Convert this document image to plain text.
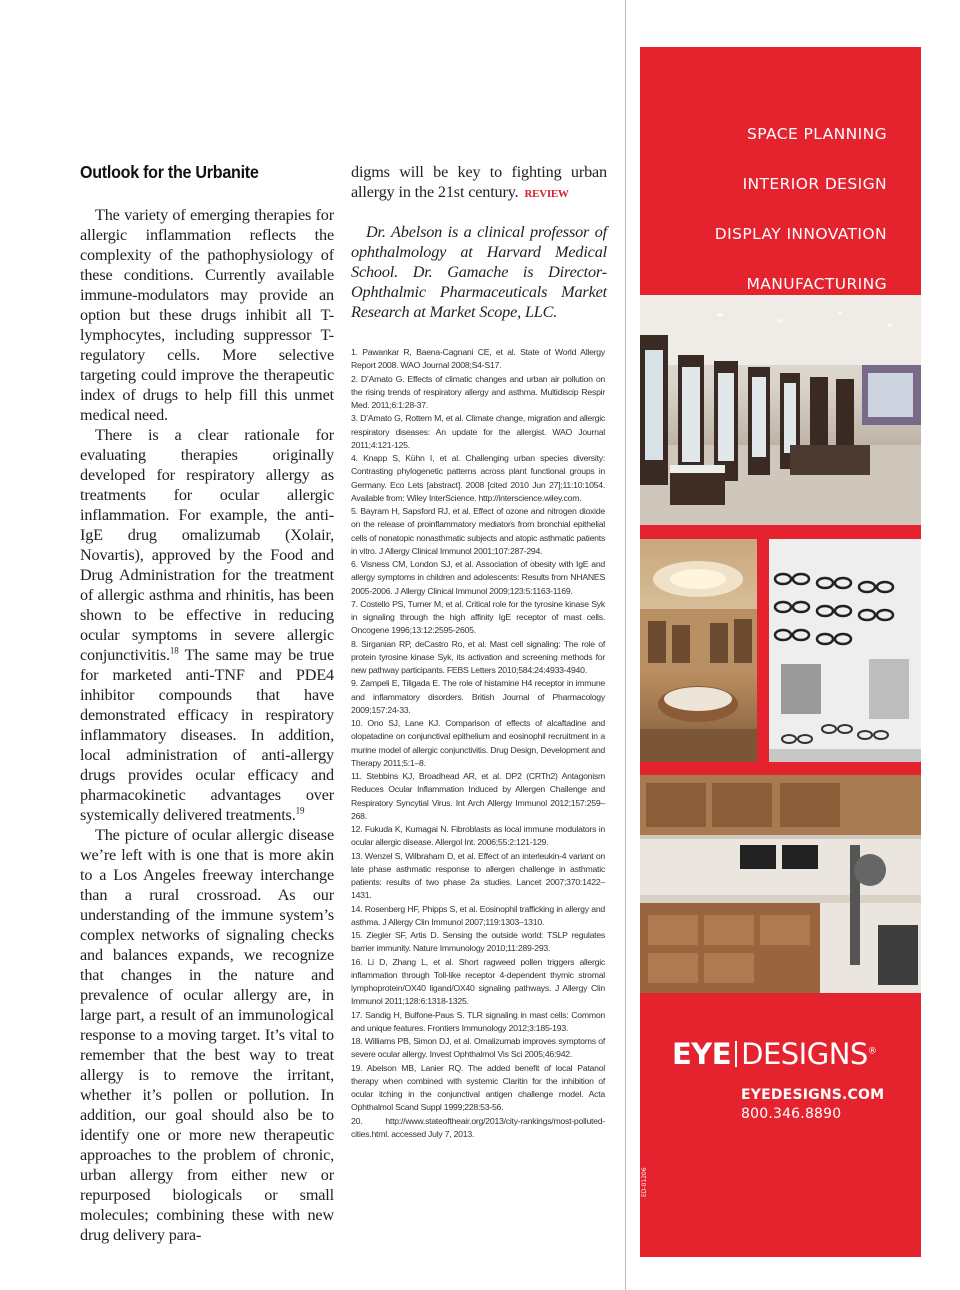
Outlook for the Urbanite

The variety of emerging therapies for allergic inflammation reflects the complexity of the pathophysiology of these conditions. Currently available immune-modulators may provide an option but these drugs inhibit all T-lymphocytes, including suppressor T-regulatory cells. More selective targeting could improve the therapeutic index of drugs to help fill this unmet medical need.

There is a clear rationale for evaluating therapies originally developed for respiratory allergy as treatments for ocular allergic inflammation. For example, the anti-IgE drug omalizumab (Xolair, Novartis), approved by the Food and Drug Administration for the treatment of allergic asthma and rhinitis, has been shown to be effective in reducing ocular symptoms in severe allergic conjunctivitis.$^{18}$ The same may be true for marketed anti-TNF and PDE4 inhibitor compounds that have demonstrated efficacy in respiratory inflammatory diseases. In addition, local administration of anti-allergy drugs provides ocular efficacy and pharmacokinetic advantages over systemically delivered treatments.$^{19}$

The picture of ocular allergic disease we’re left with is one that is more akin to a Los Angeles freeway interchange than a rural crossroad. As our understanding of the immune system’s complex networks of signaling checks and balances expands, we recognize that changes in the nature and prevalence of ocular allergy are, in large part, a result of an immunological response to a moving target. It’s vital to remember that the best way to treat allergy is to remove the irritant, whether it’s pollen or pollution. In addition, our goal should also be to identify one or more new therapeutic approaches to the problem of chronic, urban allergy from either new or repurposed biologicals or small molecules; combining these with new drug delivery para-

digms will be key to fighting urban allergy in the 21st century. REVIEW

Dr. Abelson is a clinical professor of ophthalmology at Harvard Medical School. Dr. Gamache is Director-Ophthalmic Pharmaceuticals Market Research at Market Scope, LLC.

1. Pawankar R, Baena-Cagnani CE, et al. State of World Allergy Report 2008. WAO Journal 2008;S4-S17.
2. D’Amato G. Effects of climatic changes and urban air pollution on the rising trends of respiratory allergy and asthma. Multidiscip Respir Med. 2011;6:1:28-37.
3. D’Amato G, Rottem M, et al. Climate change, migration and allergic respiratory diseases: An update for the allergist. WAO Journal 2011;4:121-125.
4. Knapp S, Kühn I, et al. Challenging urban species diversity: Contrasting phylogenetic patterns across plant functional groups in Germany. Eco Lets [abstract]. 2008 [cited 2010 Jun 27];11:10:1054. Available from: Wiley InterScience. http://interscience.wiley.com.
5. Bayram H, Sapsford RJ, et al. Effect of ozone and nitrogen dioxide on the release of proinflammatory mediators from bronchial epithelial cells of nonatopic nonasthmatic subjects and atopic asthmatic patients in vitro. J Allergy Clinical Immunol 2001;107:287-294.
6. Visness CM, London SJ, et al. Association of obesity with IgE and allergy symptoms in children and adolescents: Results from NHANES 2005-2006. J Allergy Clinical Immunol 2009;123:5:1163-1169.
7. Costello PS, Turner M, et al. Critical role for the tyrosine kinase Syk in signaling through the high affinity IgE receptor of mast cells. Oncogene 1996;13:12:2595-2605.
8. Sirganian RP, deCastro Ro, et al. Mast cell signaling: The role of protein tyrosine kinase Syk, its activation and screening methods for new pathway participants. FEBS Letters 2010;584:24:4933-4940.
9. Zampeli E, Tiligada E. The role of histamine H4 receptor in immune and inflammatory disorders. British Journal of Pharmacology 2009;157:24-33.
10. Ono SJ, Lane KJ. Comparison of effects of alcaftadine and olopatadine on conjunctival epithelium and eosinophil recruitment in a murine model of allergic conjunctivitis. Drug Design, Development and Therapy 2011;5:1–8.
11. Stebbins KJ, Broadhead AR, et al. DP2 (CRTh2) Antagonism Reduces Ocular Inflammation Induced by Allergen Challenge and Respiratory Syncytial Virus. Int Arch Allergy Immunol 2012;157:259–268.
12. Fukuda K, Kumagai N. Fibroblasts as local immune modulators in ocular allergic disease. Allergol Int. 2006;55:2:121-129.
13. Wenzel S, Wilbraham D, et al. Effect of an interleukin-4 variant on late phase asthmatic response to allergen challenge in asthmatic patients: results of two phase 2a studies. Lancet 2007;370:1422–1431.
14. Rosenberg HF, Phipps S, et al. Eosinophil trafficking in allergy and asthma. J Allergy Clin Immunol 2007;119:1303–1310.
15. Ziegler SF, Artis D. Sensing the outside world: TSLP regulates barrier immunity. Nature Immunology 2010;11:289-293.
16. Li D, Zhang L, et al. Short ragweed pollen triggers allergic inflammation through Toll-like receptor 4-dependent thymic stromal lymphoprotein/OX40 ligand/OX40 signaling pathways. J Allergy Clin Immunol 2011;128:6:1318-1325.
17. Sandig H, Bulfone-Paus S. TLR signaling in mast cells: Common and unique features. Frontiers Immunology 2012;3:185-193.
18. Williams PB, Simon DJ, et al. Omalizumab improves symptoms of severe ocular allergy. Invest Ophthalmol Vis Sci 2005;46:942.
19. Abelson MB, Lanier RQ. The added benefit of local Patanol therapy when combined with systemic Claritin for the inhibition of ocular itching in the conjunctival antigen challenge model. Acta Ophthalmol Scand Suppl 1999;228:53-56.
20. http://www.stateoftheair.org/2013/city-rankings/most-polluted-cities.html. accessed July 7, 2013.
SPACE PLANNING
INTERIOR DESIGN
DISPLAY INNOVATION
MANUFACTURING
EYE DESIGNS®
EYEDESIGNS.COM
800.346.8890
ED-01206
